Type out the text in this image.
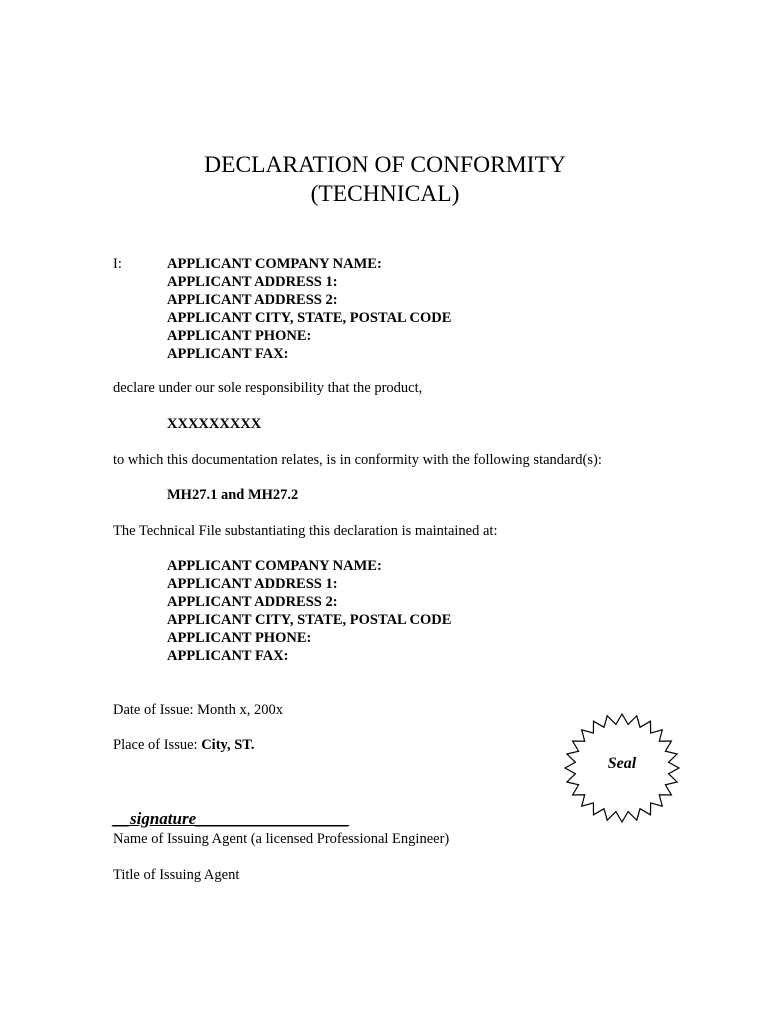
DECLARATION OF CONFORMITY
(TECHNICAL)
I:	APPLICANT COMPANY NAME:
APPLICANT ADDRESS 1:
APPLICANT ADDRESS 2:
APPLICANT CITY, STATE, POSTAL CODE
APPLICANT PHONE:
APPLICANT FAX:
declare under our sole responsibility that the product,
XXXXXXXXX
to which this documentation relates, is in conformity with the following standard(s):
MH27.1 and MH27.2
The Technical File substantiating this declaration is maintained at:
APPLICANT COMPANY NAME:
APPLICANT ADDRESS 1:
APPLICANT ADDRESS 2:
APPLICANT CITY, STATE, POSTAL CODE
APPLICANT PHONE:
APPLICANT FAX:
Date of Issue: Month x, 200x
Place of Issue: City, ST.
Seal
__signature__________________
Name of Issuing Agent (a licensed Professional Engineer)
Title of Issuing Agent
